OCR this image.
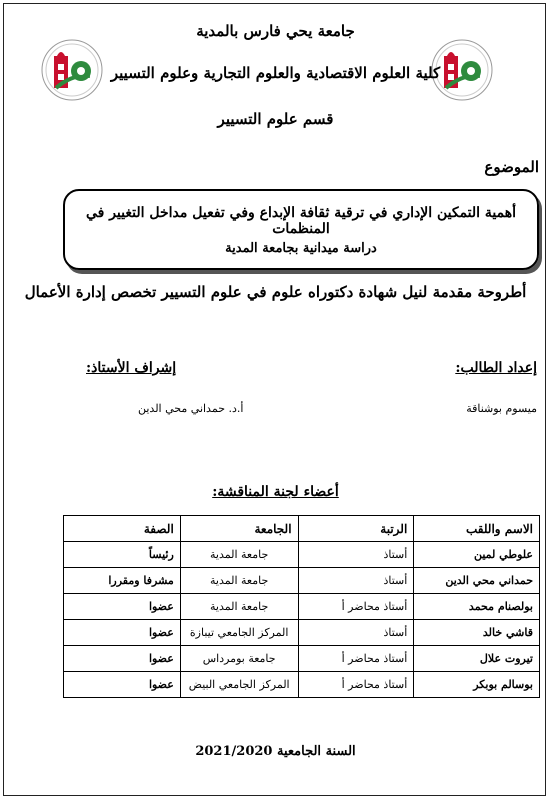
جامعة يحي فارس بالمدية
كلية العلوم الاقتصادية والعلوم التجارية وعلوم التسيير
قسم علوم التسيير
الموضوع
أهمية التمكين الإداري في ترقية ثقافة الإبداع وفي تفعيل مداخل التغيير في المنظمات
دراسة ميدانية بجامعة المدية
أطروحة مقدمة لنيل شهادة دكتوراه علوم في علوم التسيير تخصص إدارة الأعمال
إعداد الطالب:
إشراف الأستاذ:
ميسوم بوشناقة
أ.د. حمداني محي الدين
أعضاء لجنة المناقشة:
الاسم واللقب	الرتبة	الجامعة	الصفة
علوطي لمين	أستاذ	جامعة المدية	رئيساً
حمداني محي الدين	أستاذ	جامعة المدية	مشرفا ومقررا
بولصنام محمد	أستاذ محاضر أ	جامعة المدية	عضوا
قاشي خالد	أستاذ	المركز الجامعي تيبازة	عضوا
تيروت علال	أستاذ محاضر أ	جامعة بومرداس	عضوا
بوسالم بوبكر	أستاذ محاضر أ	المركز الجامعي البيض	عضوا
السنة الجامعية 2021/2020
